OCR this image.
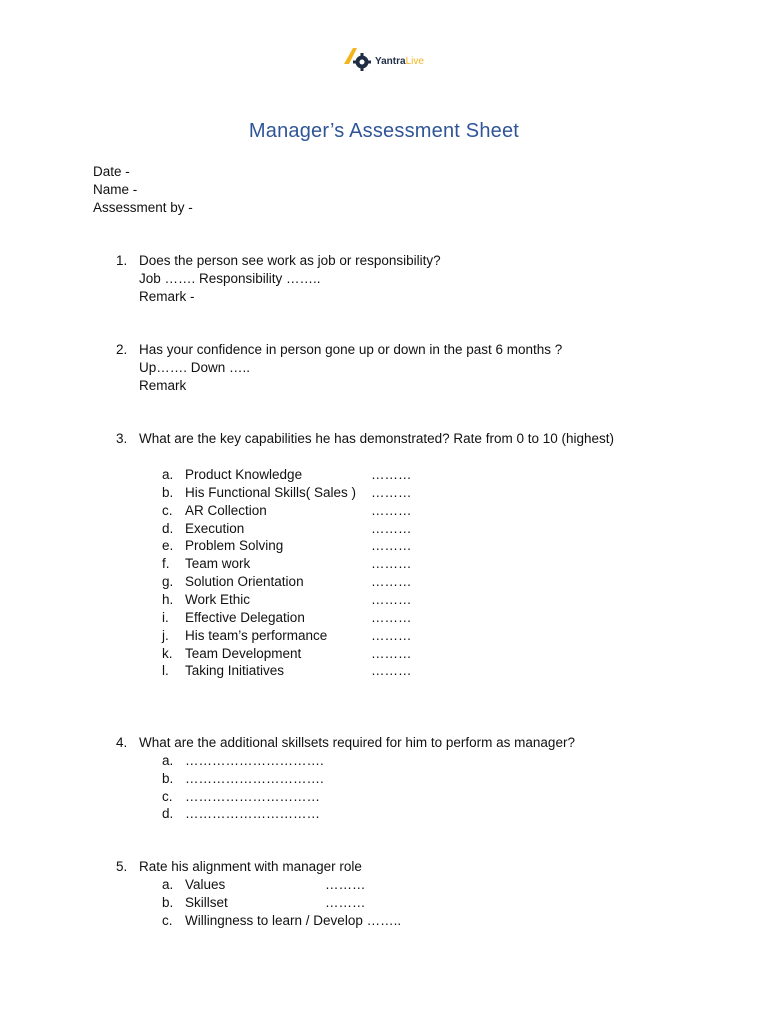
YantraLive
Manager’s Assessment Sheet
Date -
Name -
Assessment by -
1. Does the person see work as job or responsibility?
Job ……. Responsibility ……..
Remark -
2. Has your confidence in person gone up or down in the past 6 months ?
Up……. Down …..
Remark
3. What are the key capabilities he has demonstrated? Rate from 0 to 10 (highest)
a. Product Knowledge	………
b. His Functional Skills( Sales ) ………
c. AR Collection	………
d. Execution	………
e. Problem Solving	………
f. Team work	………
g. Solution Orientation	………
h. Work Ethic	………
i. Effective Delegation	………
j. His team’s performance	………
k. Team Development	………
l. Taking Initiatives	………
4. What are the additional skillsets required for him to perform as manager?
a. ………………………….
b. ………………………….
c. …………………………
d. …………………………
5. Rate his alignment with manager role
a. Values	………
b. Skillset	………
c. Willingness to learn / Develop ……..
